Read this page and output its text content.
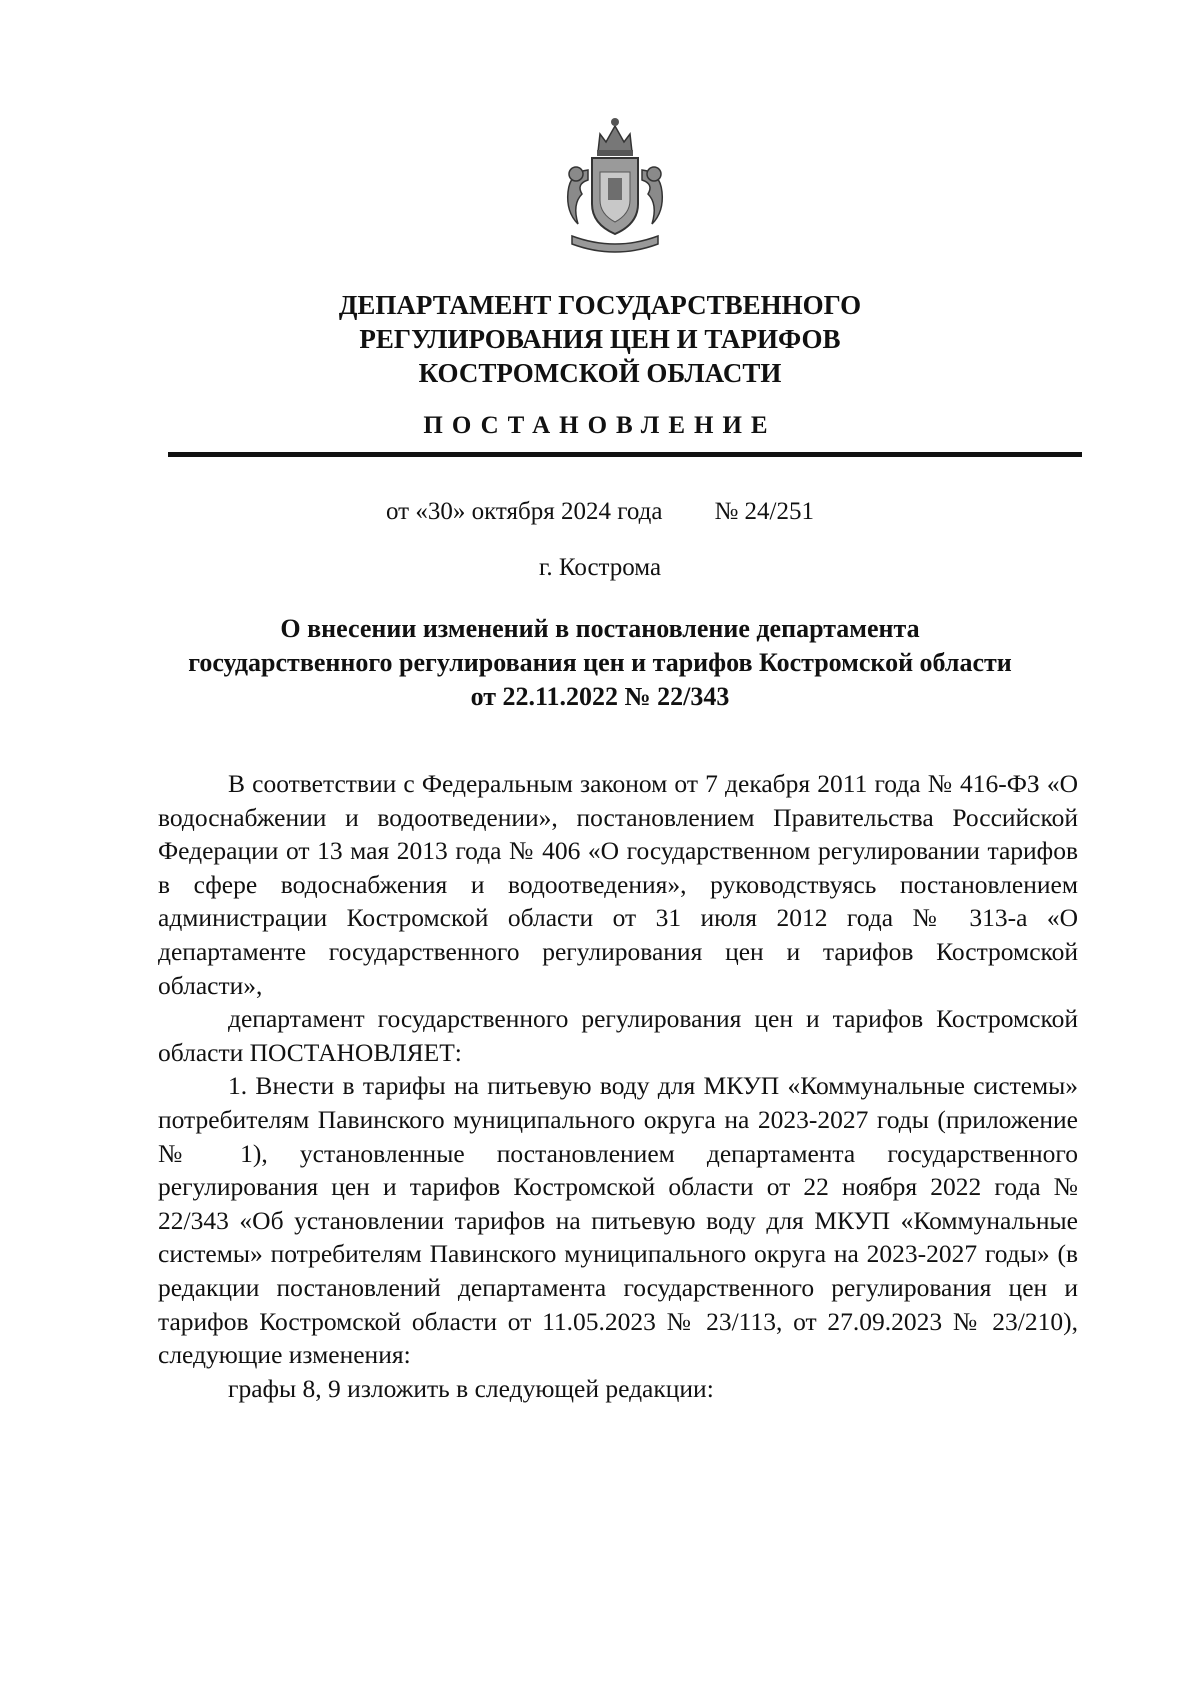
ДЕПАРТАМЕНТ ГОСУДАРСТВЕННОГО
РЕГУЛИРОВАНИЯ ЦЕН И ТАРИФОВ
КОСТРОМСКОЙ ОБЛАСТИ
ПОСТАНОВЛЕНИЕ
от «30» октября 2024 года № 24/251
г. Кострома
О внесении изменений в постановление департамента
государственного регулирования цен и тарифов Костромской области
от 22.11.2022 № 22/343

В соответствии с Федеральным законом от 7 декабря 2011 года № 416-ФЗ «О водоснабжении и водоотведении», постановлением Правительства Российской Федерации от 13 мая 2013 года № 406 «О государственном регулировании тарифов в сфере водоснабжения и водоотведения», руководствуясь постановлением администрации Костромской области от 31 июля 2012 года № 313-а «О департаменте государственного регулирования цен и тарифов Костромской области»,

департамент государственного регулирования цен и тарифов Костромской области ПОСТАНОВЛЯЕТ:

1. Внести в тарифы на питьевую воду для МКУП «Коммунальные системы» потребителям Павинского муниципального округа на 2023-2027 годы (приложение № 1), установленные постановлением департамента государственного регулирования цен и тарифов Костромской области от 22 ноября 2022 года № 22/343 «Об установлении тарифов на питьевую воду для МКУП «Коммунальные системы» потребителям Павинского муниципального округа на 2023-2027 годы» (в редакции постановлений департамента государственного регулирования цен и тарифов Костромской области от 11.05.2023 № 23/113, от 27.09.2023 № 23/210), следующие изменения:

графы 8, 9 изложить в следующей редакции:
